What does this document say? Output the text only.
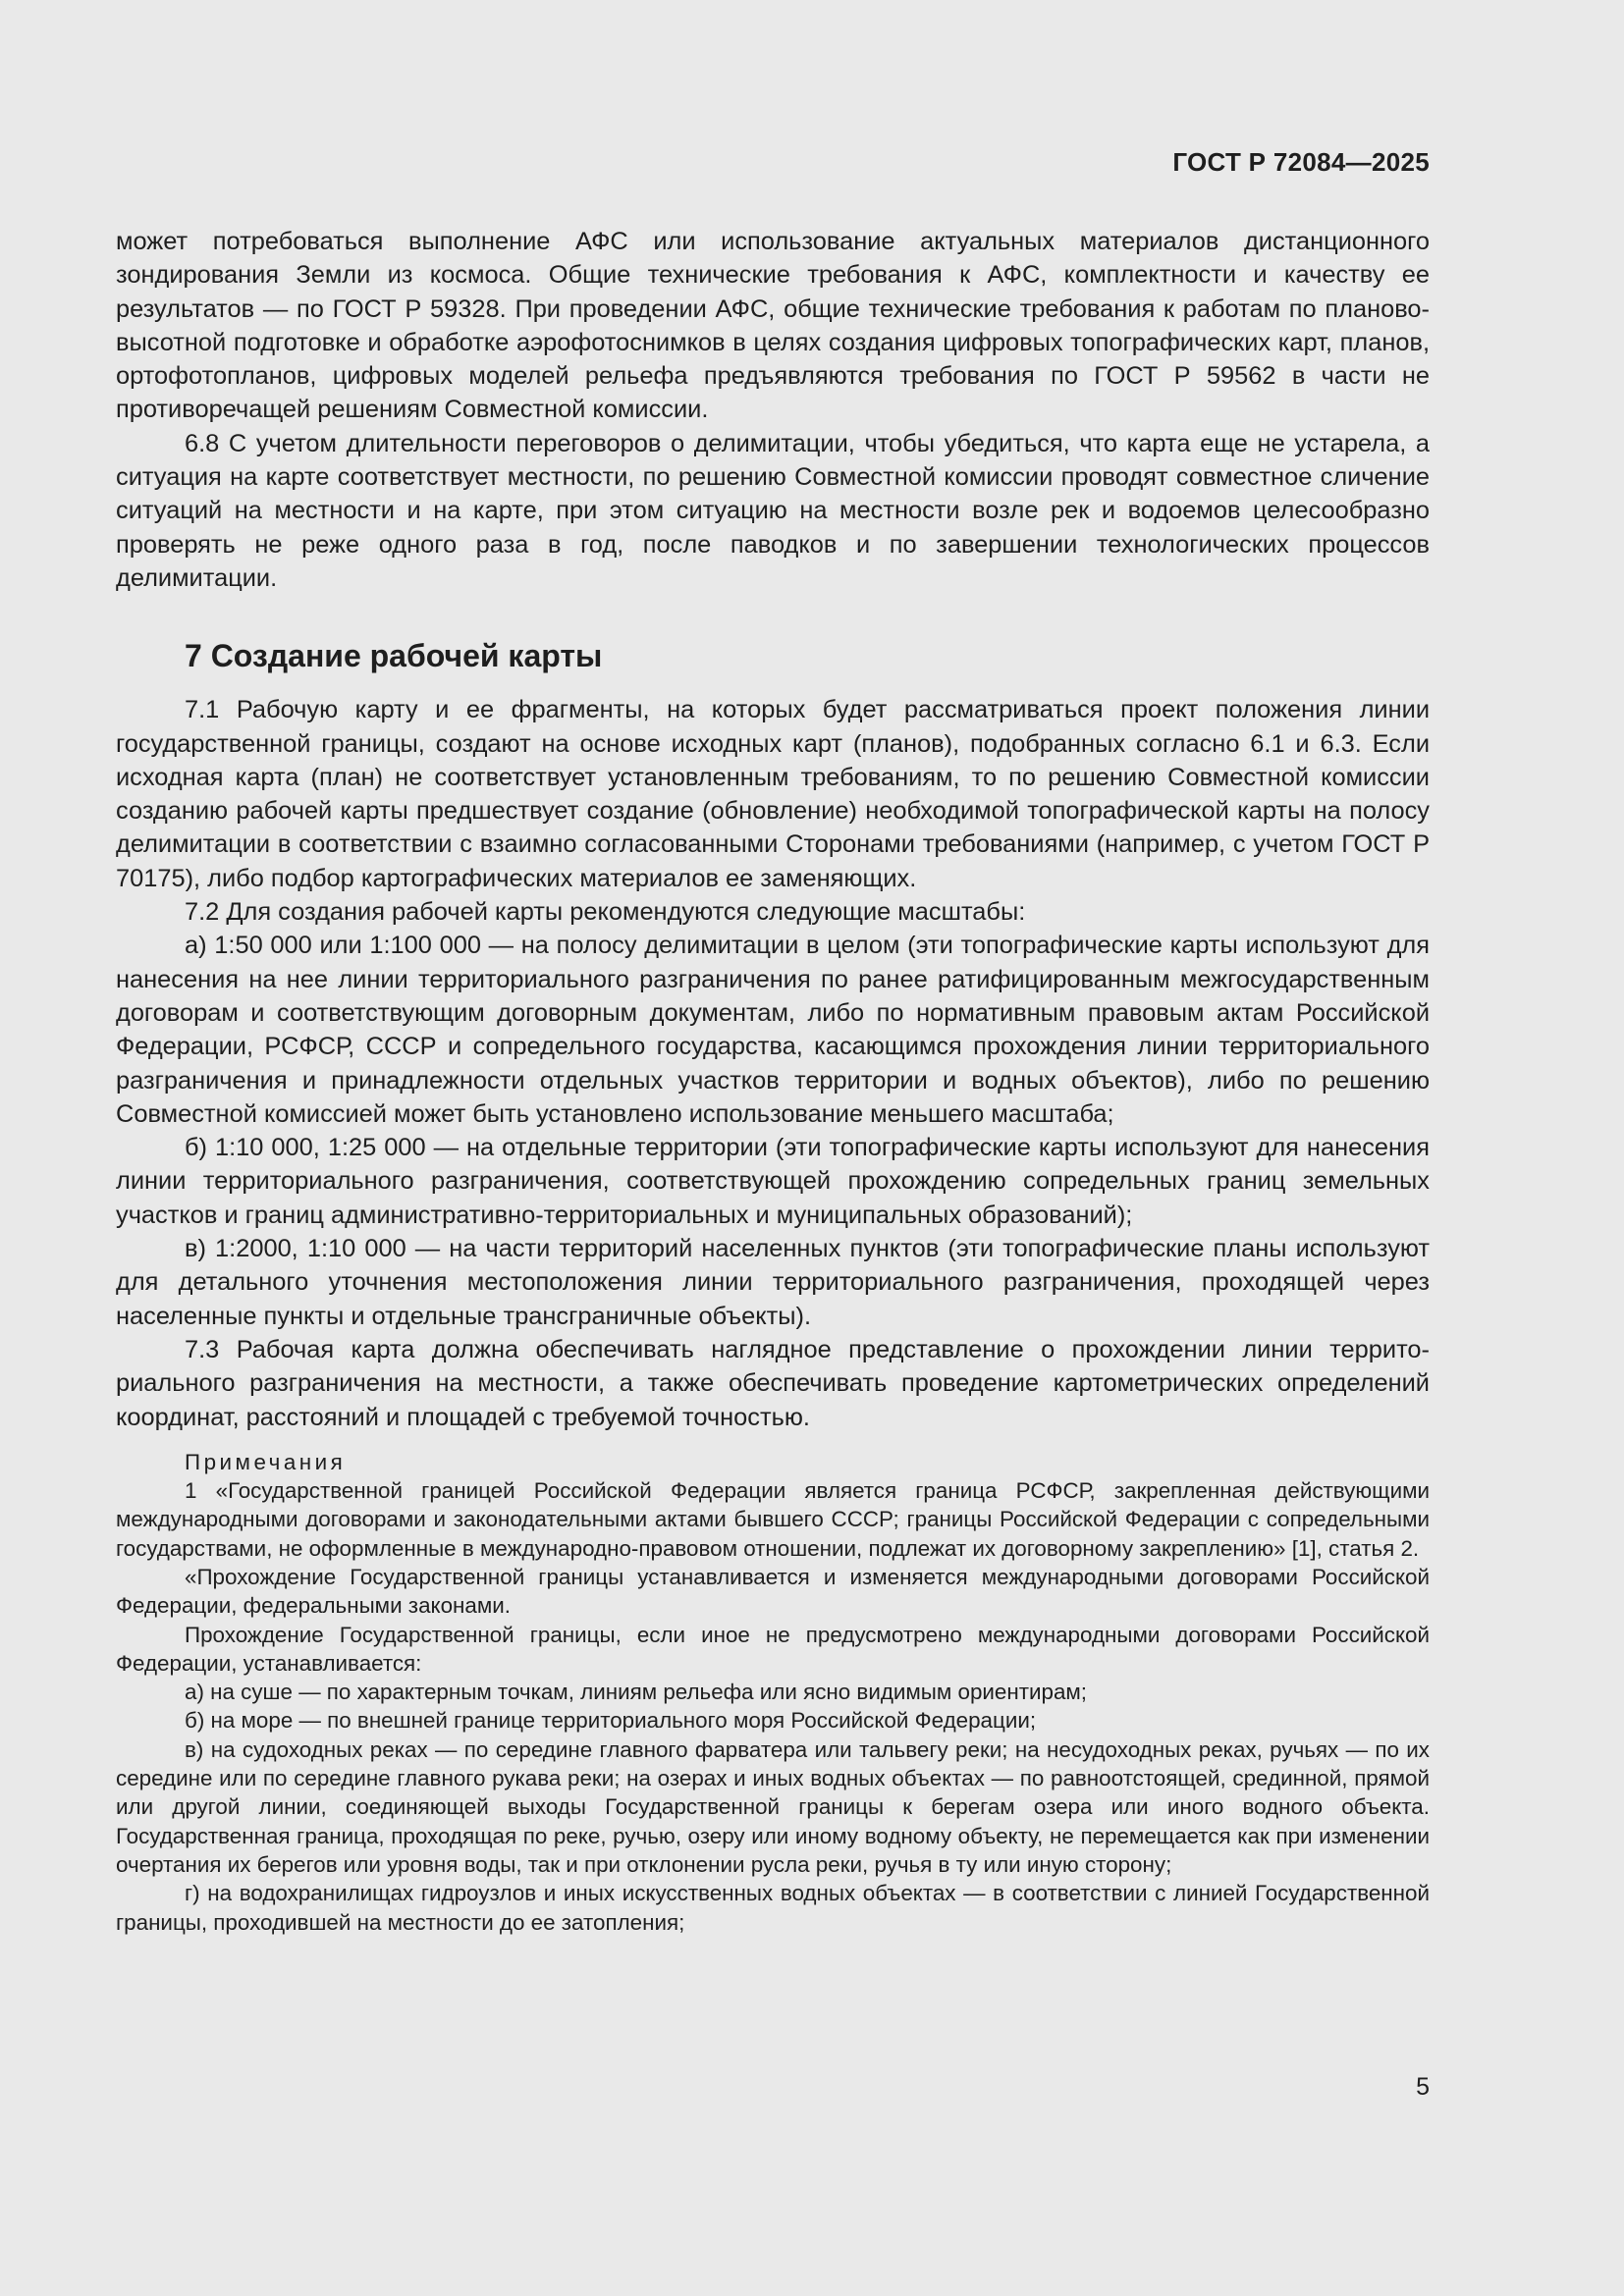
ГОСТ Р 72084—2025

может потребоваться выполнение АФС или использование актуальных материалов дистанционного зондирования Земли из космоса. Общие технические требования к АФС, комплектности и качеству ее результатов — по ГОСТ Р 59328. При проведении АФС, общие технические требования к работам по планово-высотной подготовке и обработке аэрофотоснимков в целях создания цифровых топографических карт, планов, ортофотопланов, цифровых моделей рельефа предъявляются требования по ГОСТ Р 59562 в части не противоречащей решениям Совместной комиссии.

6.8 С учетом длительности переговоров о делимитации, чтобы убедиться, что карта еще не устарела, а ситуация на карте соответствует местности, по решению Совместной комиссии проводят совместное сличение ситуаций на местности и на карте, при этом ситуацию на местности возле рек и водоемов целесообразно проверять не реже одного раза в год, после паводков и по завершении технологических процессов делимитации.

7 Создание рабочей карты

7.1 Рабочую карту и ее фрагменты, на которых будет рассматриваться проект положения линии государственной границы, создают на основе исходных карт (планов), подобранных согласно 6.1 и 6.3. Если исходная карта (план) не соответствует установленным требованиям, то по решению Совместной комиссии созданию рабочей карты предшествует создание (обновление) необходимой топографической карты на полосу делимитации в соответствии с взаимно согласованными Сторонами требованиями (например, с учетом ГОСТ Р 70175), либо подбор картографических материалов ее заменяющих.

7.2 Для создания рабочей карты рекомендуются следующие масштабы:

а) 1:50 000 или 1:100 000 — на полосу делимитации в целом (эти топографические карты используют для нанесения на нее линии территориального разграничения по ранее ратифицированным межгосударственным договорам и соответствующим договорным документам, либо по нормативным правовым актам Российской Федерации, РСФСР, СССР и сопредельного государства, касающимся прохождения линии территориального разграничения и принадлежности отдельных участков территории и водных объектов), либо по решению Совместной комиссией может быть установлено использование меньшего масштаба;

б) 1:10 000, 1:25 000 — на отдельные территории (эти топографические карты используют для нанесения линии территориального разграничения, соответствующей прохождению сопредельных границ земельных участков и границ административно-территориальных и муниципальных образований);

в) 1:2000, 1:10 000 — на части территорий населенных пунктов (эти топографические планы используют для детального уточнения местоположения линии территориального разграничения, проходящей через населенные пункты и отдельные трансграничные объекты).

7.3 Рабочая карта должна обеспечивать наглядное представление о прохождении линии территориального разграничения на местности, а также обеспечивать проведение картометрических определений координат, расстояний и площадей с требуемой точностью.

Примечания

1 «Государственной границей Российской Федерации является граница РСФСР, закрепленная действующими международными договорами и законодательными актами бывшего СССР; границы Российской Федерации с сопредельными государствами, не оформленные в международно-правовом отношении, подлежат их договорному закреплению» [1], статья 2.

«Прохождение Государственной границы устанавливается и изменяется международными договорами Российской Федерации, федеральными законами.

Прохождение Государственной границы, если иное не предусмотрено международными договорами Российской Федерации, устанавливается:

а) на суше — по характерным точкам, линиям рельефа или ясно видимым ориентирам;

б) на море — по внешней границе территориального моря Российской Федерации;

в) на судоходных реках — по середине главного фарватера или тальвегу реки; на несудоходных реках, ручьях — по их середине или по середине главного рукава реки; на озерах и иных водных объектах — по равноотстоящей, срединной, прямой или другой линии, соединяющей выходы Государственной границы к берегам озера или иного водного объекта. Государственная граница, проходящая по реке, ручью, озеру или иному водному объекту, не перемещается как при изменении очертания их берегов или уровня воды, так и при отклонении русла реки, ручья в ту или иную сторону;

г) на водохранилищах гидроузлов и иных искусственных водных объектах — в соответствии с линией Государственной границы, проходившей на местности до ее затопления;

5
